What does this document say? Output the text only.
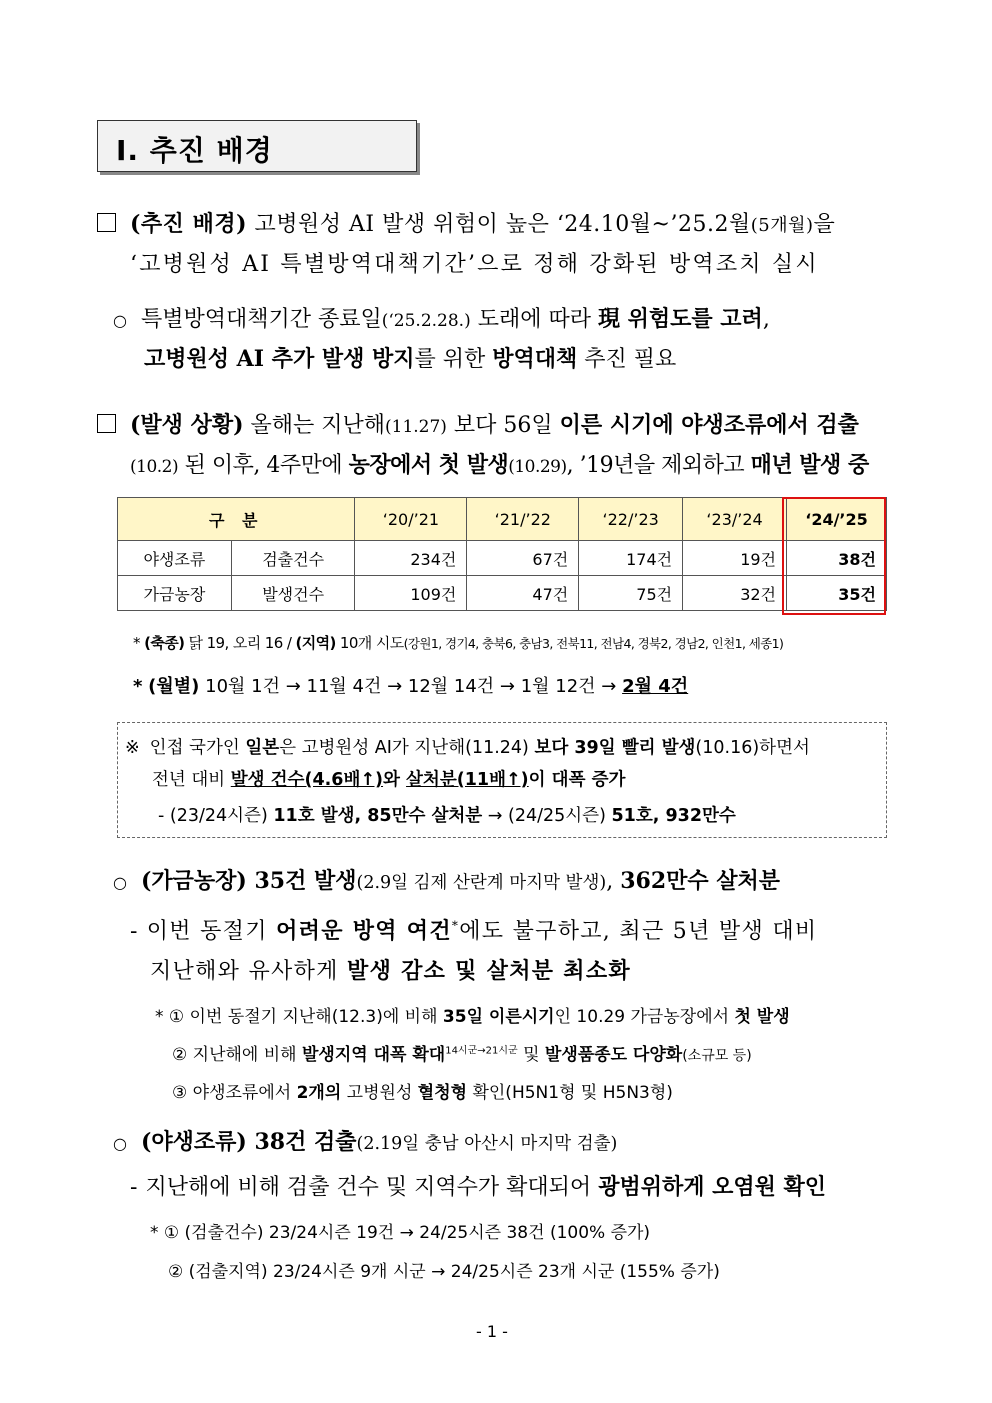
Ⅰ. 추진 배경
(추진 배경) 고병원성 AI 발생 위험이 높은 ‘24.10월~’25.2월(5개월)을
‘고병원성 AI 특별방역대책기간’으로 정해 강화된 방역조치 실시
○ 특별방역대책기간 종료일(‘25.2.28.) 도래에 따라 現 위험도를 고려,
고병원성 AI 추가 발생 방지를 위한 방역대책 추진 필요
(발생 상황) 올해는 지난해(11.27) 보다 56일 이른 시기에 야생조류에서 검출
(10.2) 된 이후, 4주만에 농장에서 첫 발생(10.29), ’19년을 제외하고 매년 발생 중
구 분		‘20/’21	‘21/’22	‘22/’23	‘23/’24	‘24/’25
야생조류	검출건수	234건	67건	174건	19건	38건
가금농장	발생건수	109건	47건	75건	32건	35건
* (축종) 닭 19, 오리 16 / (지역) 10개 시도(강원1, 경기4, 충북6, 충남3, 전북11, 전남4, 경북2, 경남2, 인천1, 세종1)
* (월별) 10월 1건 → 11월 4건 → 12월 14건 → 1월 12건 → 2월 4건
※ 인접 국가인 일본은 고병원성 AI가 지난해(11.24) 보다 39일 빨리 발생(10.16)하면서
전년 대비 발생 건수(4.6배↑)와 살처분(11배↑)이 대폭 증가
- (23/24시즌) 11호 발생, 85만수 살처분 → (24/25시즌) 51호, 932만수
○ (가금농장) 35건 발생(2.9일 김제 산란계 마지막 발생), 362만수 살처분
- 이번 동절기 어려운 방역 여건*에도 불구하고, 최근 5년 발생 대비
지난해와 유사하게 발생 감소 및 살처분 최소화
* ① 이번 동절기 지난해(12.3)에 비해 35일 이른시기인 10.29 가금농장에서 첫 발생
② 지난해에 비해 발생지역 대폭 확대$^{14시군\to 21시군}$ 및 발생품종도 다양화(소규모 등)
③ 야생조류에서 2개의 고병원성 혈청형 확인(H5N1형 및 H5N3형)
○ (야생조류) 38건 검출(2.19일 충남 아산시 마지막 검출)
- 지난해에 비해 검출 건수 및 지역수가 확대되어 광범위하게 오염원 확인
* ① (검출건수) 23/24시즌 19건 → 24/25시즌 38건 (100% 증가)
② (검출지역) 23/24시즌 9개 시군 → 24/25시즌 23개 시군 (155% 증가)
- 1 -
